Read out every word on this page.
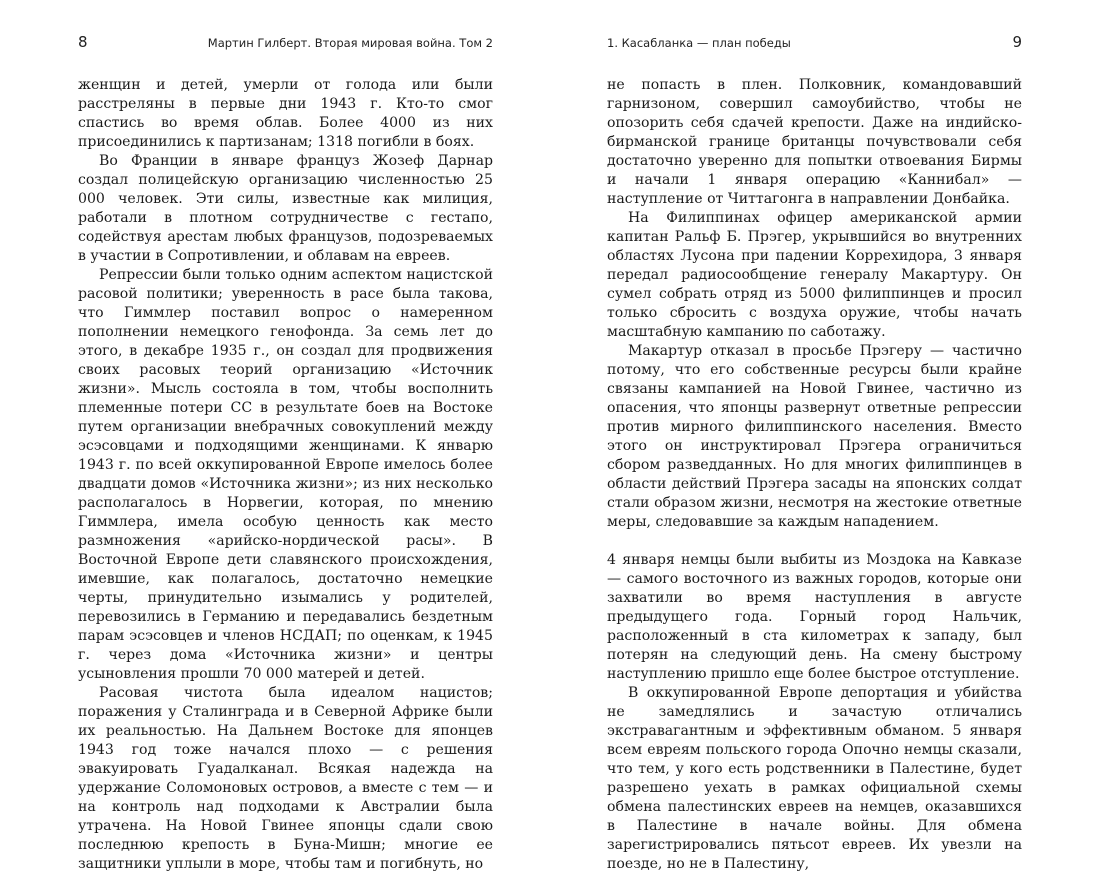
8	Мартин Гилберт. Вторая мировая война. Том 2

женщин и детей, умерли от голода или были расстреляны в первые дни 1943 г. Кто-то смог спастись во время облав. Более 4000 из них присоединились к партизанам; 1318 погибли в боях.

Во Франции в январе француз Жозеф Дарнар создал полицейскую организацию численностью 25 000 человек. Эти силы, известные как милиция, работали в плотном сотрудничестве с гестапо, содействуя арестам любых французов, подозреваемых в участии в Сопротивлении, и облавам на евреев.

Репрессии были только одним аспектом нацистской расовой политики; уверенность в расе была такова, что Гиммлер поставил вопрос о намеренном пополнении немецкого генофонда. За семь лет до этого, в декабре 1935 г., он создал для продвижения своих расовых теорий организацию «Источник жизни». Мысль состояла в том, чтобы восполнить племенные потери СС в результате боев на Востоке путем организации внебрачных совокуплений между эсэсовцами и подходящими женщинами. К январю 1943 г. по всей оккупированной Европе имелось более двадцати домов «Источника жизни»; из них несколько располагалось в Норвегии, которая, по мнению Гиммлера, имела особую ценность как место размножения «арийско-нордической расы». В Восточной Европе дети славянского происхождения, имевшие, как полагалось, достаточно немецкие черты, принудительно изымались у родителей, перевозились в Германию и передавались бездетным парам эсэсовцев и членов НСДАП; по оценкам, к 1945 г. через дома «Источника жизни» и центры усыновления прошли 70 000 матерей и детей.

Расовая чистота была идеалом нацистов; поражения у Сталинграда и в Северной Африке были их реальностью. На Дальнем Востоке для японцев 1943 год тоже начался плохо — с решения эвакуировать Гуадалканал. Всякая надежда на удержание Соломоновых островов, а вместе с тем — и на контроль над подходами к Австралии была утрачена. На Новой Гвинее японцы сдали свою последнюю крепость в Буна-Мишн; многие ее защитники уплыли в море, чтобы там и погибнуть, но

1. Касабланка — план победы	9

не попасть в плен. Полковник, командовавший гарнизоном, совершил самоубийство, чтобы не опозорить себя сдачей крепости. Даже на индийско-бирманской границе британцы почувствовали себя достаточно уверенно для попытки отвоевания Бирмы и начали 1 января операцию «Каннибал» — наступление от Читтагонга в направлении Донбайка.

На Филиппинах офицер американской армии капитан Ральф Б. Прэгер, укрывшийся во внутренних областях Лусона при падении Коррехидора, 3 января передал радиосообщение генералу Макартуру. Он сумел собрать отряд из 5000 филиппинцев и просил только сбросить с воздуха оружие, чтобы начать масштабную кампанию по саботажу.

Макартур отказал в просьбе Прэгеру — частично потому, что его собственные ресурсы были крайне связаны кампанией на Новой Гвинее, частично из опасения, что японцы развернут ответные репрессии против мирного филиппинского населения. Вместо этого он инструктировал Прэгера ограничиться сбором разведданных. Но для многих филиппинцев в области действий Прэгера засады на японских солдат стали образом жизни, несмотря на жестокие ответные меры, следовавшие за каждым нападением.

4 января немцы были выбиты из Моздока на Кавказе — самого восточного из важных городов, которые они захватили во время наступления в августе предыдущего года. Горный город Нальчик, расположенный в ста километрах к западу, был потерян на следующий день. На смену быстрому наступлению пришло еще более быстрое отступление.

В оккупированной Европе депортация и убийства не замедлялись и зачастую отличались экстравагантным и эффективным обманом. 5 января всем евреям польского города Опочно немцы сказали, что тем, у кого есть родственники в Палестине, будет разрешено уехать в рамках официальной схемы обмена палестинских евреев на немцев, оказавшихся в Палестине в начале войны. Для обмена зарегистрировались пятьсот евреев. Их увезли на поезде, но не в Палестину,
